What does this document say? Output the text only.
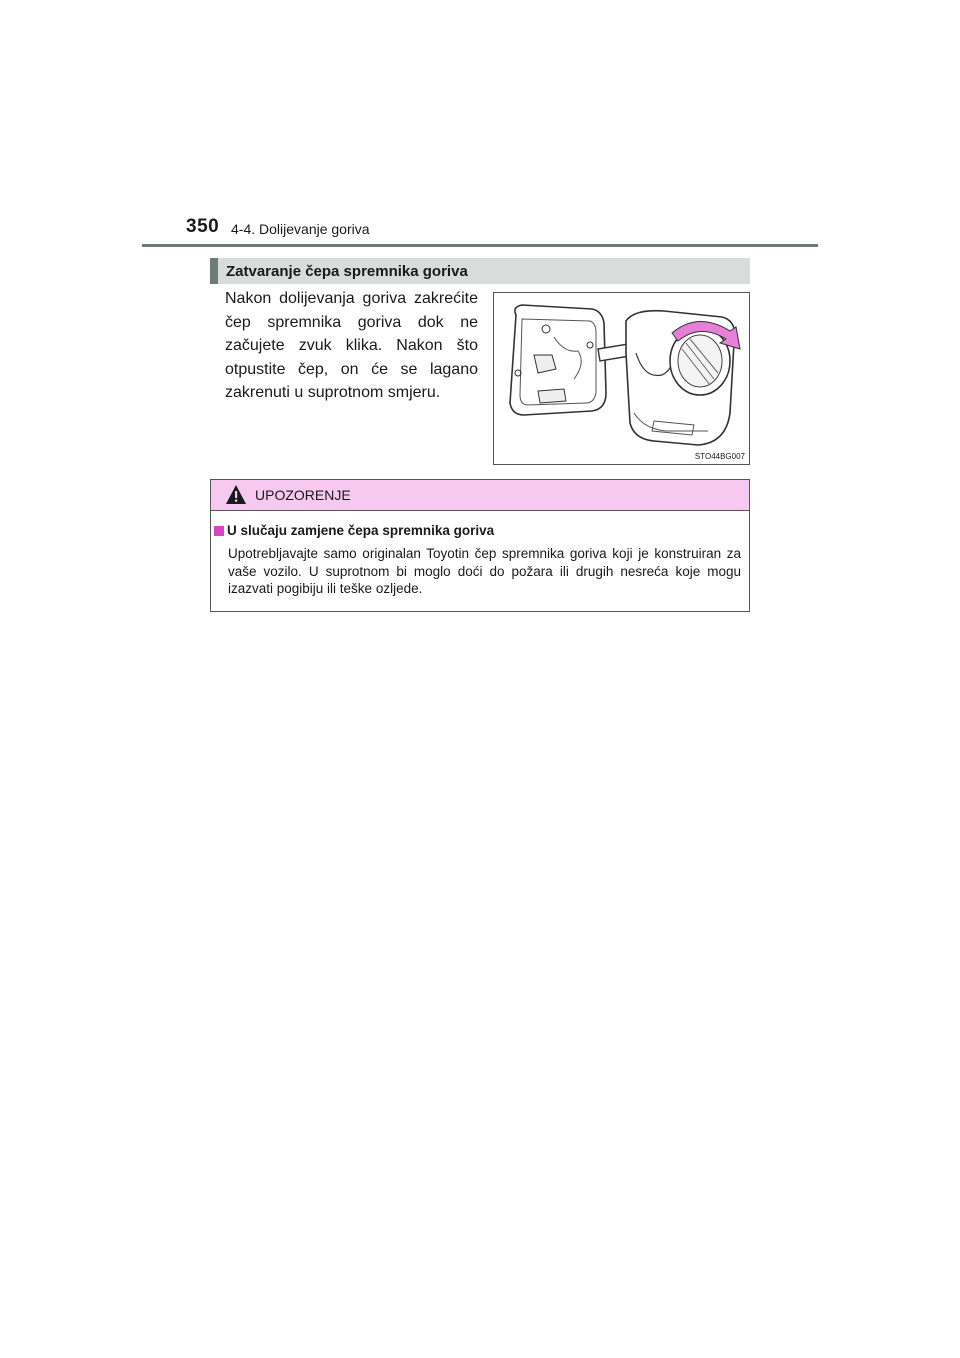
350 4-4. Dolijevanje goriva
Zatvaranje čepa spremnika goriva
Nakon dolijevanja goriva zakrećite čep spremnika goriva dok ne začujete zvuk klika. Nakon što otpustite čep, on će se lagano zakrenuti u suprotnom smjeru.
STO44BG007
UPOZORENJE
U slučaju zamjene čepa spremnika goriva
Upotrebljavajte samo originalan Toyotin čep spremnika goriva koji je konstruiran za vaše vozilo. U suprotnom bi moglo doći do požara ili drugih nesreća koje mogu izazvati pogibiju ili teške ozljede.
